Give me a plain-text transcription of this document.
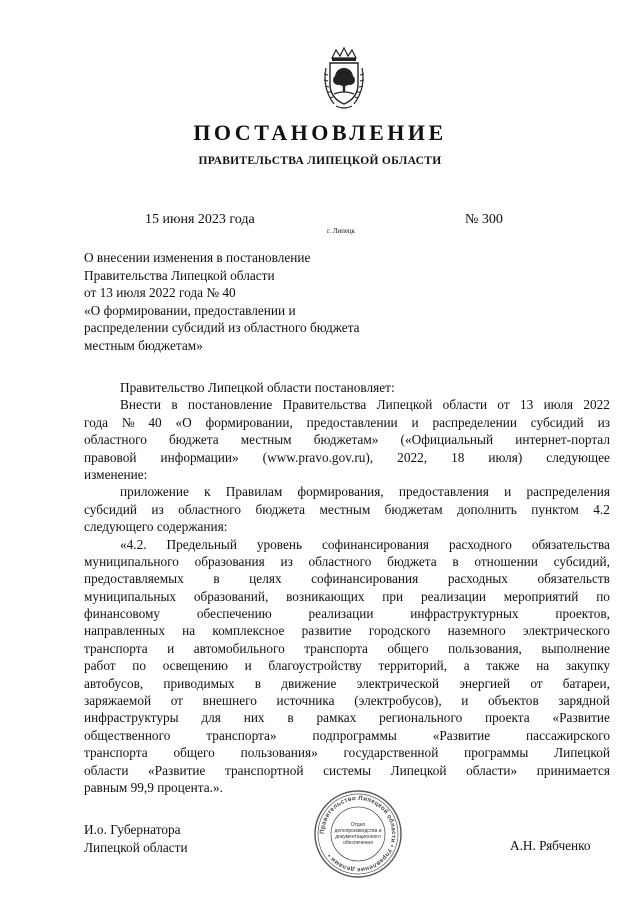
ПОСТАНОВЛЕНИЕ
ПРАВИТЕЛЬСТВА ЛИПЕЦКОЙ ОБЛАСТИ
15 июня 2023 года
г. Липецк
№ 300
О внесении изменения в постановление
Правительства Липецкой области
от 13 июля 2022 года № 40
«О формировании, предоставлении и
распределении субсидий из областного бюджета
местным бюджетам»
Правительство Липецкой области постановляет:
Внести в постановление Правительства Липецкой области от 13 июля 2022
года № 40 «О формировании, предоставлении и распределении субсидий из
областного бюджета местным бюджетам» («Официальный интернет-портал
правовой информации» (www.pravo.gov.ru), 2022, 18 июля) следующее
изменение:
приложение к Правилам формирования, предоставления и распределения
субсидий из областного бюджета местным бюджетам дополнить пунктом 4.2
следующего содержания:
«4.2. Предельный уровень софинансирования расходного обязательства
муниципального образования из областного бюджета в отношении субсидий,
предоставляемых в целях софинансирования расходных обязательств
муниципальных образований, возникающих при реализации мероприятий по
финансовому	обеспечению	реализации	инфраструктурных	проектов,
направленных на комплексное развитие городского наземного электрического
транспорта и автомобильного транспорта общего пользования, выполнение
работ по освещению и благоустройству территорий, а также на закупку
автобусов, приводимых в движение электрической энергией от батареи,
заряжаемой от внешнего источника (электробусов), и объектов зарядной
инфраструктуры для них в рамках регионального проекта «Развитие
общественного	транспорта»	подпрограммы	«Развитие	пассажирского
транспорта общего пользования» государственной программы Липецкой
области «Развитие транспортной системы Липецкой области» принимается
равным 99,9 процента.».
Правительство Липецкой области • Управление делами •
Отдел
делопроизводства и
документационного
обеспечения
И.о. Губернатора
Липецкой области	А.Н. Рябченко
